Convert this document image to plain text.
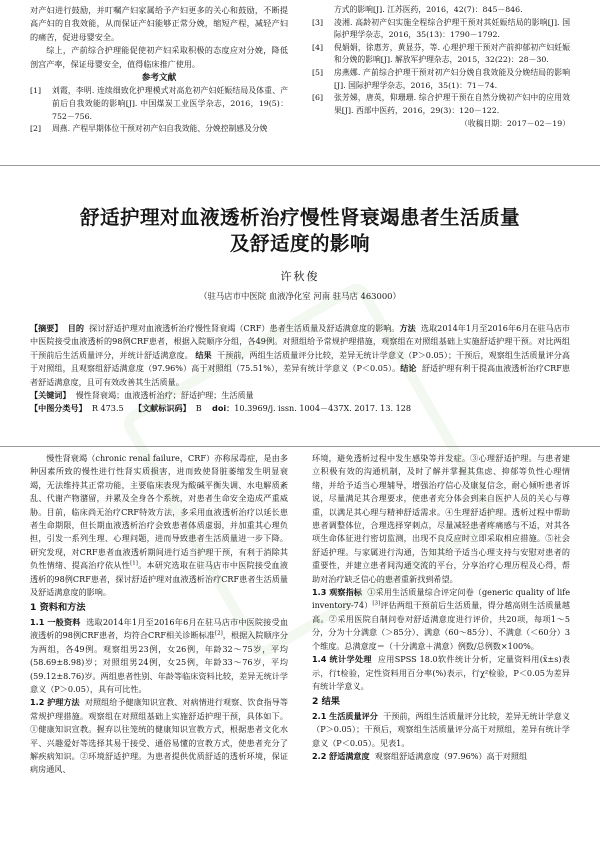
对产妇进行鼓励，并叮嘱产妇家属给予产妇更多的关心和鼓励，不断提高产妇的自我效能，从而保证产妇能够正常分娩，缩短产程，减轻产妇的痛苦，促进母婴安全。
综上，产前综合护理能促使初产妇采取积极的态度应对分娩，降低剖宫产率，保证母婴安全，值得临床推广使用。
参考文献
[1]	刘霞，李明. 连续细致化护理模式对高危初产妇妊娠结局及体重、产前后自我效能的影响[J]. 中国煤炭工业医学杂志，2016，19(5)：752－756.
[2]	周燕. 产程早期体位干预对初产妇自我效能、分娩控制感及分娩
方式的影响[J]. 江苏医药，2016，42(7)：845－846.
[3]	凌湘. 高龄初产妇实施全程综合护理干预对其妊娠结局的影响[J]. 国际护理学杂志，2016，35(13)：1790－1792.
[4]	倪娟娟，徐惠芳，黄显芬，等. 心理护理干预对产前抑郁初产妇妊娠和分娩的影响[J]. 解放军护理杂志，2015，32(22)：28－30.
[5]	房燕娜. 产前综合护理干预对初产妇分娩自我效能及分娩结局的影响[J]. 国际护理学杂志，2016，35(1)：71－74.
[6]	张芳娣，唐英，仰珊珊. 综合护理干预在自然分娩初产妇中的应用效果[J]. 西部中医药，2016，29(3)：120－122.
（收稿日期：2017－02－19）
舒适护理对血液透析治疗慢性肾衰竭患者生活质量
及舒适度的影响
许秋俊
（驻马店市中医院 血液净化室 河南 驻马店 463000）
【摘要】 目的 探讨舒适护理对血液透析治疗慢性肾衰竭（CRF）患者生活质量及舒适满意度的影响。方法 选取2014年1月至2016年6月在驻马店市中医院接受血液透析的98例CRF患者，根据入院顺序分组，各49例。对照组给予常规护理措施，观察组在对照组基础上实施舒适护理干预。对比两组干预前后生活质量评分，并统计舒适满意度。 结果 干预前，两组生活质量评分比较，差异无统计学意义（P＞0.05）；干预后，观察组生活质量评分高于对照组，且观察组舒适满意度（97.96%）高于对照组（75.51%），差异有统计学意义（P＜0.05）。结论 舒适护理有利于提高血液透析治疗CRF患者舒适满意度，且可有效改善其生活质量。
【关键词】 慢性肾衰竭；血液透析治疗；舒适护理；生活质量
【中图分类号】 R 473.5 【文献标识码】 B doi：10.3969/j. issn. 1004－437X. 2017. 13. 128
慢性肾衰竭（chronic renal failure，CRF）亦称尿毒症，是由多种因素所致的慢性进行性肾实质损害，进而致使肾脏萎缩发生明显衰竭，无法维持其正常功能，主要临床表现为酸碱平衡失调、水电解质紊乱、代谢产物潴留，并累及全身各个系统，对患者生命安全造成严重威胁。目前，临床尚无治疗CRF特效方法，多采用血液透析治疗以延长患者生命期限，但长期血液透析治疗会致患者体质虚弱，并加重其心理负担，引发一系列生理、心理问题，进而导致患者生活质量进一步下降。研究发现，对CRF患者血液透析期间进行适当护理干预，有利于消除其负性情绪、提高治疗依从性[1]。本研究选取在驻马店市中医院接受血液透析的98例CRF患者，探讨舒适护理对血液透析治疗CRF患者生活质量及舒适满意度的影响。
1 资料和方法
1.1 一般资料 选取2014年1月至2016年6月在驻马店市中医院接受血液透析的98例CRF患者，均符合CRF相关诊断标准[2]，根据入院顺序分为两组，各49例。观察组男23例，女26例，年龄32～75岁，平均(58.69±8.98)岁；对照组男24例，女25例，年龄33～76岁，平均(59.12±8.76)岁。两组患者性别、年龄等临床资料比较，差异无统计学意义（P＞0.05），具有可比性。
1.2 护理方法 对照组给予健康知识宣教、对病情进行观察、饮食指导等常规护理措施。观察组在对照组基础上实施舒适护理干预，具体如下。①健康知识宣教。握弃以往笼统的健康知识宣教方式，根据患者文化水平、兴趣爱好等选择其易于接受、通俗易懂的宣教方式，使患者充分了解疾病知识。②环境舒适护理。为患者提供优质舒适的透析环境，保证病房通风、
环境，避免透析过程中发生感染等并发症。③心理舒适护理。与患者建立积极有效的沟通机制，及时了解并掌握其焦虑、抑郁等负性心理情绪，并给予适当心理辅导，增强治疗信心及康复信念，耐心倾听患者诉说，尽量满足其合理要求，使患者充分体会到来自医护人员的关心与尊重，以满足其心理与精神舒适需求。④生理舒适护理。透析过程中帮助患者调整体位，合理选择穿刺点，尽量减轻患者疼痛感与不适，对其各项生命体征进行密切监测，出现不良反应时立即采取相应措施。⑤社会舒适护理。与家属进行沟通，告知其给予适当心理支持与安慰对患者的重要性，并建立患者间沟通交流的平台，分享治疗心理历程及心得，帮助对治疗缺乏信心的患者重新找到希望。
1.3 观察指标 ①采用生活质量综合评定问卷（generic quality of life inventory-74）[3]评估两组干预前后生活质量，得分越高则生活质量越高。②采用医院自制问卷对舒适满意度进行评价，共20项，每项1～5分，分为十分满意（＞85分）、满意（60～85分）、不满意（＜60分）3个维度。总满意度＝（十分满意＋满意）例数/总例数×100%。
1.4 统计学处理 应用SPSS 18.0软件统计分析，定量资料用(x̄±s)表示，行t检验，定性资料用百分率(%)表示，行χ²检验，P＜0.05为差异有统计学意义。
2 结果
2.1 生活质量评分 干预前，两组生活质量评分比较，差异无统计学意义（P＞0.05）；干预后，观察组生活质量评分高于对照组，差异有统计学意义（P＜0.05）。见表1。
2.2 舒适满意度 观察组舒适满意度（97.96%）高于对照组
